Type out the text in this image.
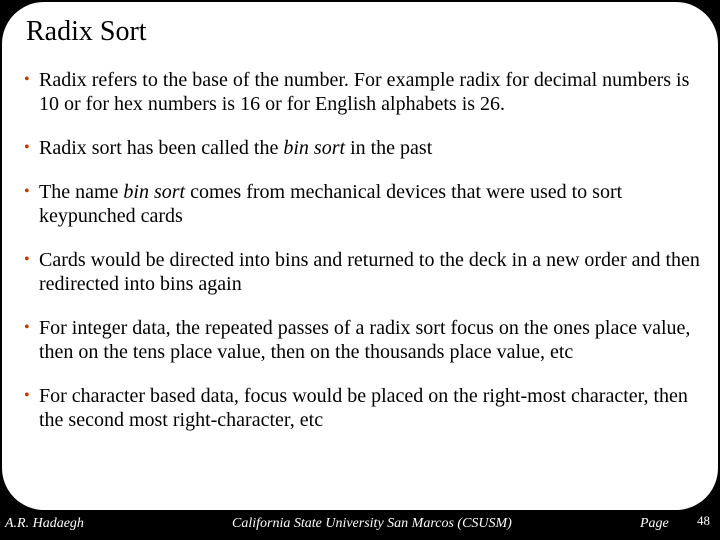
Radix Sort
• Radix refers to the base of the number. For example radix for decimal numbers is 10 or for hex numbers is 16 or for English alphabets is 26.
• Radix sort has been called the bin sort in the past
• The name bin sort comes from mechanical devices that were used to sort keypunched cards
• Cards would be directed into bins and returned to the deck in a new order and then redirected into bins again
• For integer data, the repeated passes of a radix sort focus on the ones place value, then on the tens place value, then on the thousands place value, etc
• For character based data, focus would be placed on the right-most character, then the second most right-character, etc
A.R. Hadaegh	California State University San Marcos (CSUSM)	Page 48
